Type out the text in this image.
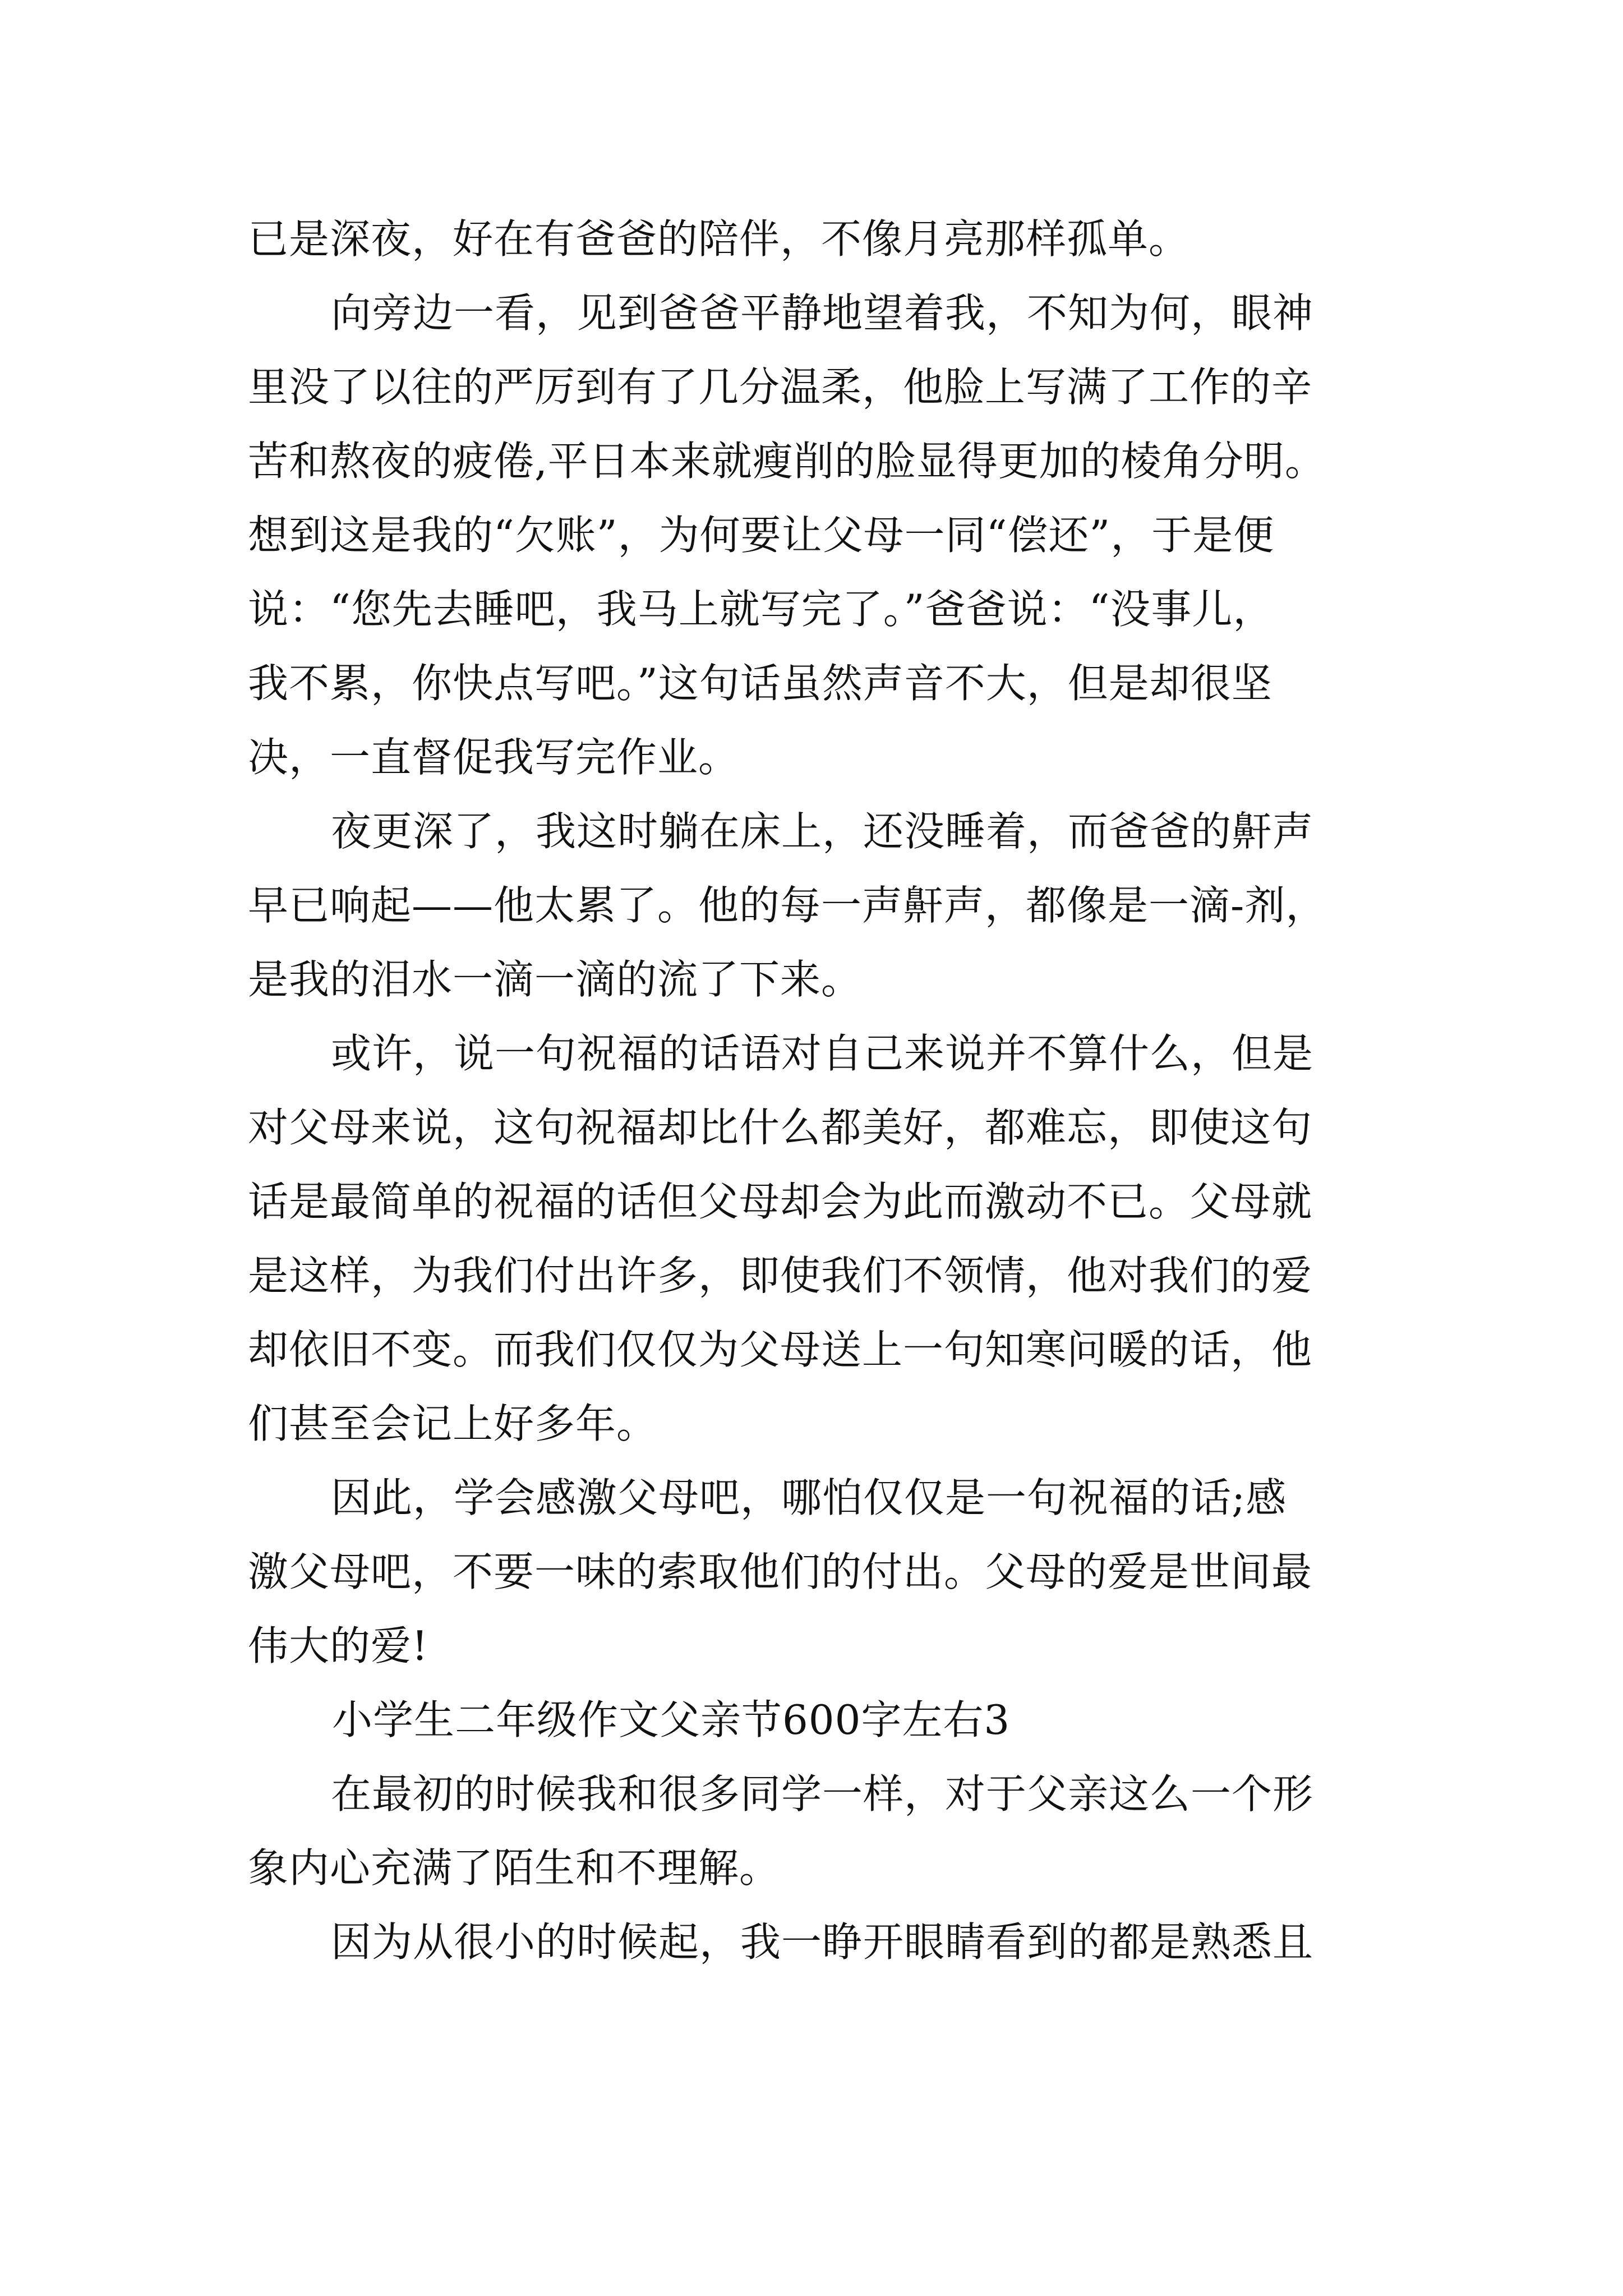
已是深夜，好在有爸爸的陪伴，不像月亮那样孤单。
向旁边一看，见到爸爸平静地望着我，不知为何，眼神
里没了以往的严厉到有了几分温柔，他脸上写满了工作的辛
苦和熬夜的疲倦,平日本来就瘦削的脸显得更加的棱角分明。
想到这是我的“欠账”，为何要让父母一同“偿还”，于是便
说：“您先去睡吧，我马上就写完了。”爸爸说：“没事儿，
我不累，你快点写吧。”这句话虽然声音不大，但是却很坚
决，一直督促我写完作业。
夜更深了，我这时躺在床上，还没睡着，而爸爸的鼾声
早已响起——他太累了。他的每一声鼾声，都像是一滴-剂，
是我的泪水一滴一滴的流了下来。
或许，说一句祝福的话语对自己来说并不算什么，但是
对父母来说，这句祝福却比什么都美好，都难忘，即使这句
话是最简单的祝福的话但父母却会为此而激动不已。父母就
是这样，为我们付出许多，即使我们不领情，他对我们的爱
却依旧不变。而我们仅仅为父母送上一句知寒问暖的话，他
们甚至会记上好多年。
因此，学会感激父母吧，哪怕仅仅是一句祝福的话;感
激父母吧，不要一味的索取他们的付出。父母的爱是世间最
伟大的爱!
小学生二年级作文父亲节600字左右3
在最初的时候我和很多同学一样，对于父亲这么一个形
象内心充满了陌生和不理解。
因为从很小的时候起，我一睁开眼睛看到的都是熟悉且
